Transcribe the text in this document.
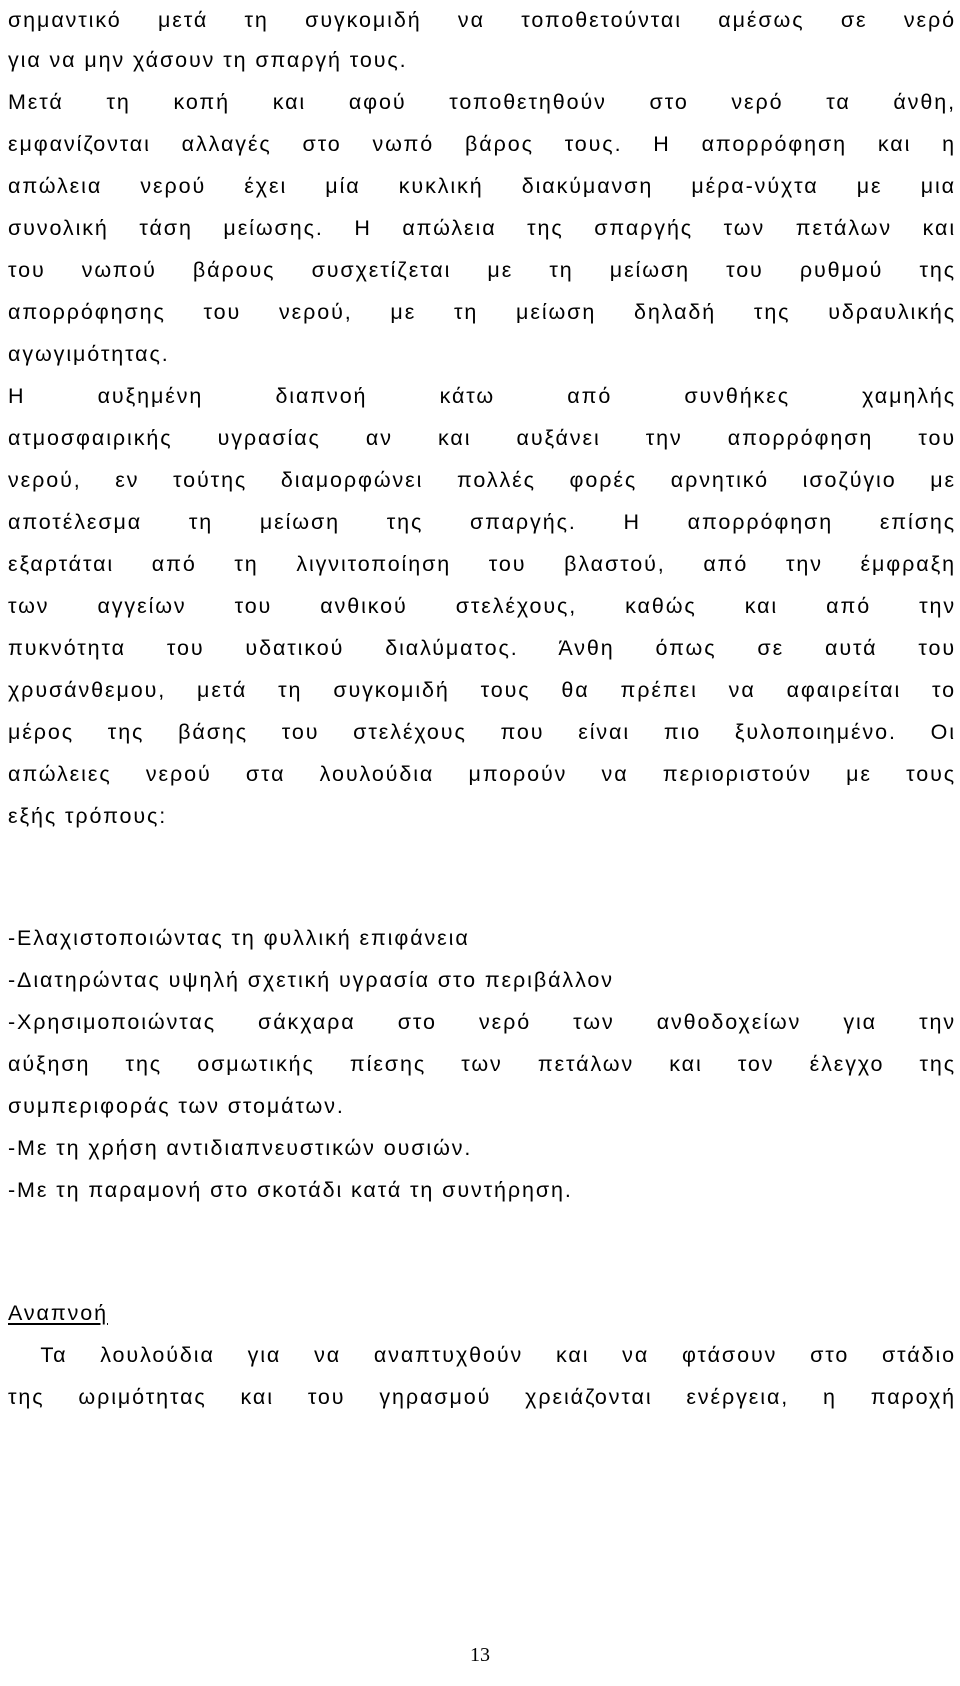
σημαντικό μετά τη συγκομιδή να τοποθετούνται αμέσως σε νερό
για να μην χάσουν τη σπαργή τους.
Μετά τη κοπή και αφού τοποθετηθούν στο νερό τα άνθη,
εμφανίζονται αλλαγές στο νωπό βάρος τους. Η απορρόφηση και η
απώλεια νερού έχει μία κυκλική διακύμανση μέρα-νύχτα με μια
συνολική τάση μείωσης. Η απώλεια της σπαργής των πετάλων και
του νωπού βάρους συσχετίζεται με τη μείωση του ρυθμού της
απορρόφησης του νερού, με τη μείωση δηλαδή της υδραυλικής
αγωγιμότητας.
Η αυξημένη διαπνοή κάτω από συνθήκες χαμηλής
ατμοσφαιρικής υγρασίας αν και αυξάνει την απορρόφηση του
νερού, εν τούτης διαμορφώνει πολλές φορές αρνητικό ισοζύγιο με
αποτέλεσμα τη μείωση της σπαργής. Η απορρόφηση επίσης
εξαρτάται από τη λιγνιτοποίηση του βλαστού, από την έμφραξη
των αγγείων του ανθικού στελέχους, καθώς και από την
πυκνότητα του υδατικού διαλύματος. Άνθη όπως σε αυτά του
χρυσάνθεμου, μετά τη συγκομιδή τους θα πρέπει να αφαιρείται το
μέρος της βάσης του στελέχους που είναι πιο ξυλοποιημένο. Οι
απώλειες νερού στα λουλούδια μπορούν να περιοριστούν με τους
εξής τρόπους:
-Ελαχιστοποιώντας τη φυλλική επιφάνεια
-Διατηρώντας υψηλή σχετική υγρασία στο περιβάλλον
-Χρησιμοποιώντας σάκχαρα στο νερό των ανθοδοχείων για την
αύξηση της οσμωτικής πίεσης των πετάλων και τον έλεγχο της
συμπεριφοράς των στομάτων.
-Με τη χρήση αντιδιαπνευστικών ουσιών.
-Με τη παραμονή στο σκοτάδι κατά τη συντήρηση.
Αναπνοή
Τα λουλούδια για να αναπτυχθούν και να φτάσουν στο στάδιο
της ωριμότητας και του γηρασμού χρειάζονται ενέργεια, η παροχή
13
